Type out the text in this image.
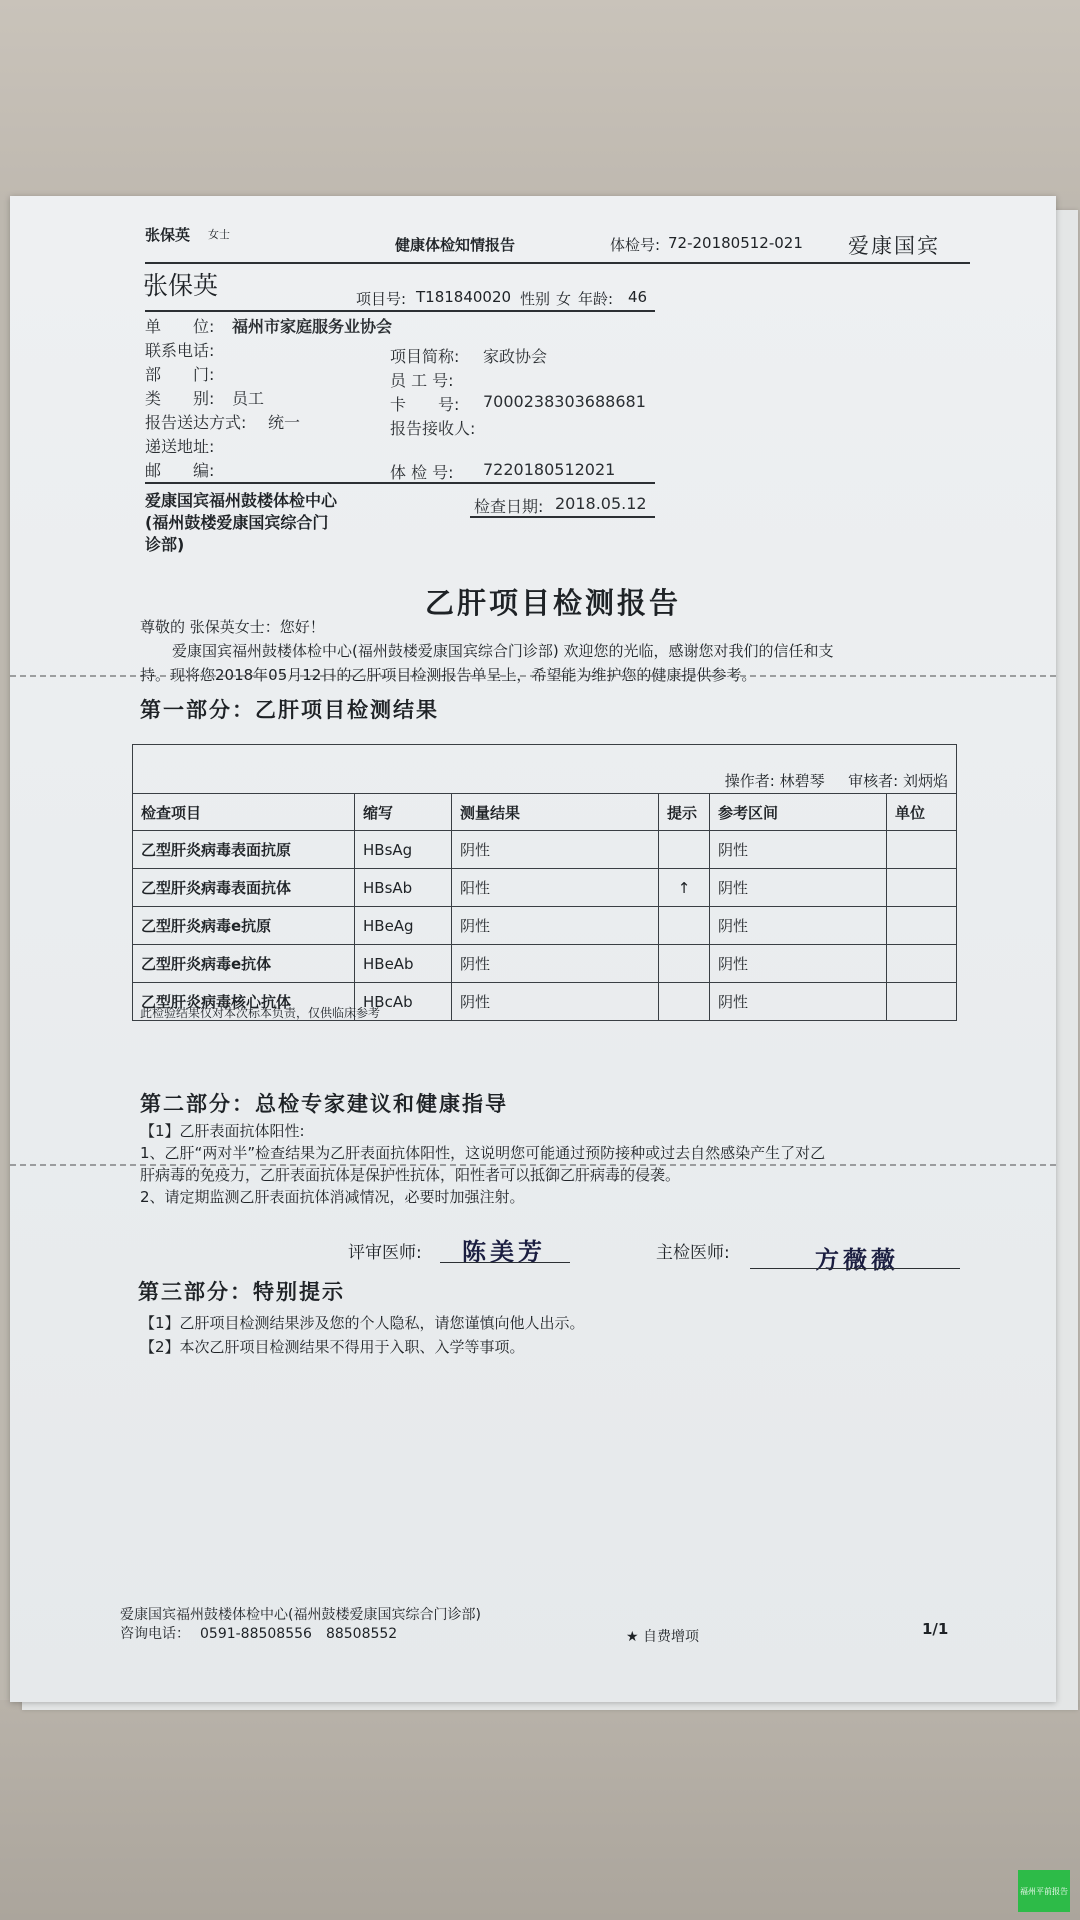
张保英 女士
健康体检知情报告	体检号: 72-20180512-021 爱康国宾
张保英	项目号: T181840020 性别 女 年龄: 46
单　　位: 福州市家庭服务业协会
联系电话:
部　　门:
类　　别: 员工
报告送达方式: 统一
递送地址:
邮　　编:
项目简称: 家政协会
员 工 号:
卡　　号: 7000238303688681
报告接收人:
体 检 号: 7220180512021
爱康国宾福州鼓楼体检中心
(福州鼓楼爱康国宾综合门
诊部)
检查日期: 2018.05.12
乙肝项目检测报告
尊敬的 张保英女士：您好！
爱康国宾福州鼓楼体检中心(福州鼓楼爱康国宾综合门诊部) 欢迎您的光临，感谢您对我们的信任和支
持。现将您2018年05月12日的乙肝项目检测报告单呈上，希望能为维护您的健康提供参考。
第一部分：乙肝项目检测结果

操作者: 林碧琴 审核者: 刘炳焰					
检查项目	缩写	测量结果	提示	参考区间	单位
乙型肝炎病毒表面抗原	HBsAg	阴性		阴性	
乙型肝炎病毒表面抗体	HBsAb	阳性	↑	阴性	
乙型肝炎病毒e抗原	HBeAg	阴性		阴性	
乙型肝炎病毒e抗体	HBeAb	阴性		阴性	
乙型肝炎病毒核心抗体	HBcAb	阴性		阴性	
此检验结果仅对本次标本负责，仅供临床参考
第二部分：总检专家建议和健康指导
【1】乙肝表面抗体阳性:
1、乙肝“两对半”检查结果为乙肝表面抗体阳性，这说明您可能通过预防接种或过去自然感染产生了对乙
肝病毒的免疫力，乙肝表面抗体是保护性抗体，阳性者可以抵御乙肝病毒的侵袭。
2、请定期监测乙肝表面抗体消减情况，必要时加强注射。
评审医师: 陈美芳	主检医师:	方薇薇
第三部分：特别提示
【1】乙肝项目检测结果涉及您的个人隐私，请您谨慎向他人出示。
【2】本次乙肝项目检测结果不得用于入职、入学等事项。
爱康国宾福州鼓楼体检中心(福州鼓楼爱康国宾综合门诊部)
咨询电话： 0591-88508556　88508552	★ 自费增项	1/1
福州平前报告
